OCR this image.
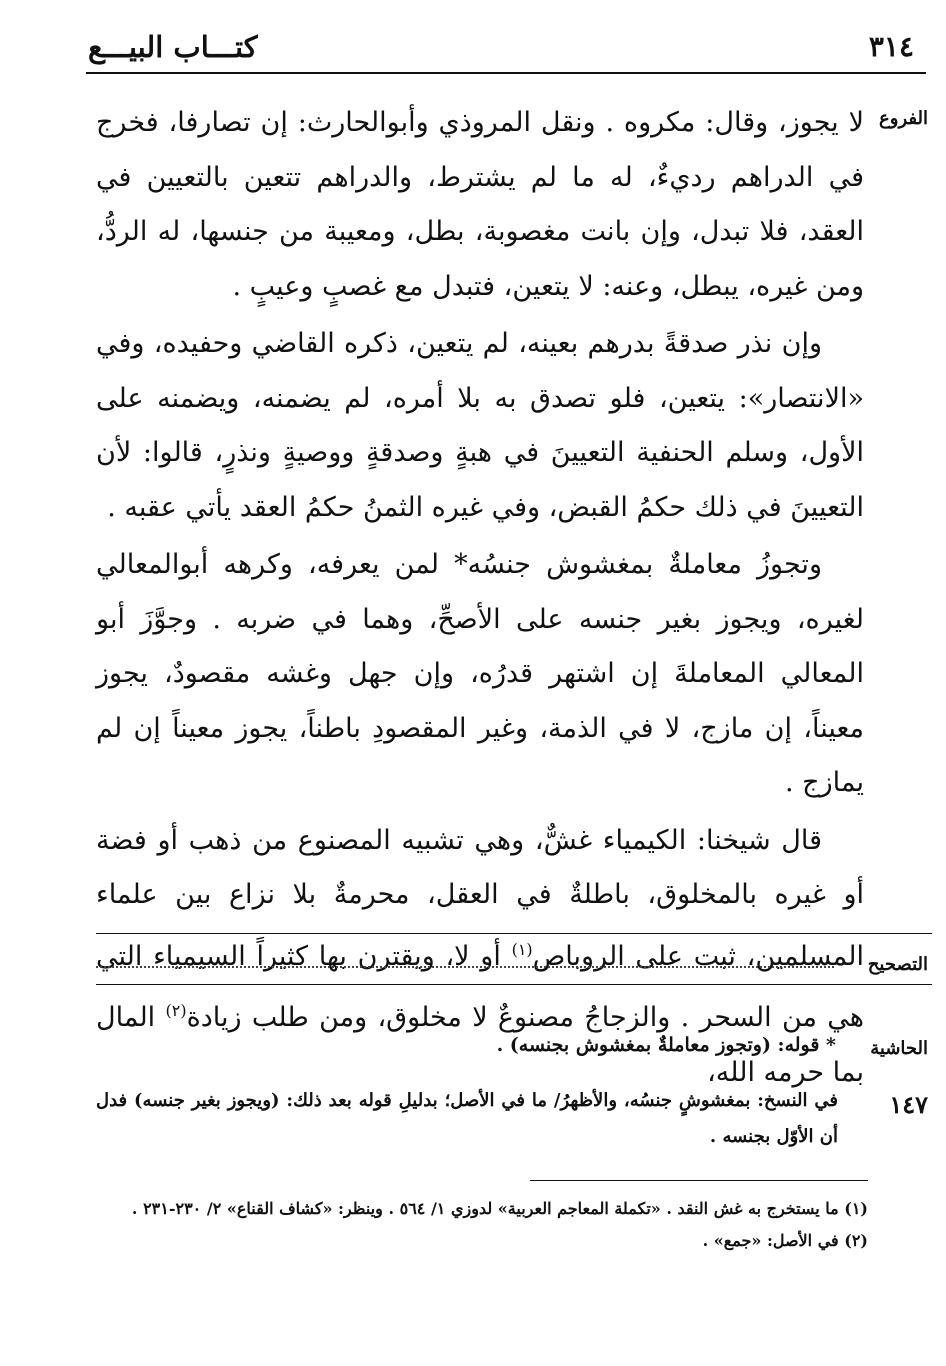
٣١٤
كتـــاب البيـــع
الفروع

لا يجوز، وقال: مكروه . ونقل المروذي وأبوالحارث: إن تصارفا، فخرج في الدراهم رديءٌ، له ما لم يشترط، والدراهم تتعين بالتعيين في العقد، فلا تبدل، وإن بانت مغصوبة، بطل، ومعيبة من جنسها، له الردُّ، ومن غيره، يبطل، وعنه: لا يتعين، فتبدل مع غصبٍ وعيبٍ .

وإن نذر صدقةً بدرهم بعينه، لم يتعين، ذكره القاضي وحفيده، وفي «الانتصار»: يتعين، فلو تصدق به بلا أمره، لم يضمنه، ويضمنه على الأول، وسلم الحنفية التعيينَ في هبةٍ وصدقةٍ ووصيةٍ ونذرٍ، قالوا: لأن التعيينَ في ذلك حكمُ القبض، وفي غيره الثمنُ حكمُ العقد يأتي عقبه .

وتجوزُ معاملةٌ بمغشوش جنسُه* لمن يعرفه، وكرهه أبوالمعالي لغيره، ويجوز بغير جنسه على الأصحِّ، وهما في ضربه . وجوَّزَ أبو المعالي المعاملةَ إن اشتهر قدرُه، وإن جهل وغشه مقصودٌ، يجوز معيناً، إن مازج، لا في الذمة، وغير المقصودِ باطناً، يجوز معيناً إن لم يمازج .

قال شيخنا: الكيمياء غشٌّ، وهي تشبيه المصنوع من ذهب أو فضة أو غيره بالمخلوق، باطلةٌ في العقل، محرمةٌ بلا نزاع بين علماء المسلمين، ثبت على الروباص$^{(١)}$ أو لا، ويقترن بها كثيراً السيمياء التي هي من السحر . والزجاجُ مصنوعٌ لا مخلوق، ومن طلب زيادة$^{(٢)}$ المال بما حرمه الله،

التصحيح
الحاشية
* قوله: (وتجوز معاملةٌ بمغشوش بجنسه) .
١٤٧

في النسخ: بمغشوشٍ جنسُه، والأظهرُ/ ما في الأصل؛ بدليلِ قوله بعد ذلك: (ويجوز بغير جنسه) فدل أن الأوّل بجنسه .

(١) ما يستخرج به غش النقد . «تكملة المعاجم العربية» لدوزي ١/ ٥٦٤ . وينظر: «كشاف القناع» ٢/ ٢٣٠-٢٣١ .

(٢) في الأصل: «جمع» .
